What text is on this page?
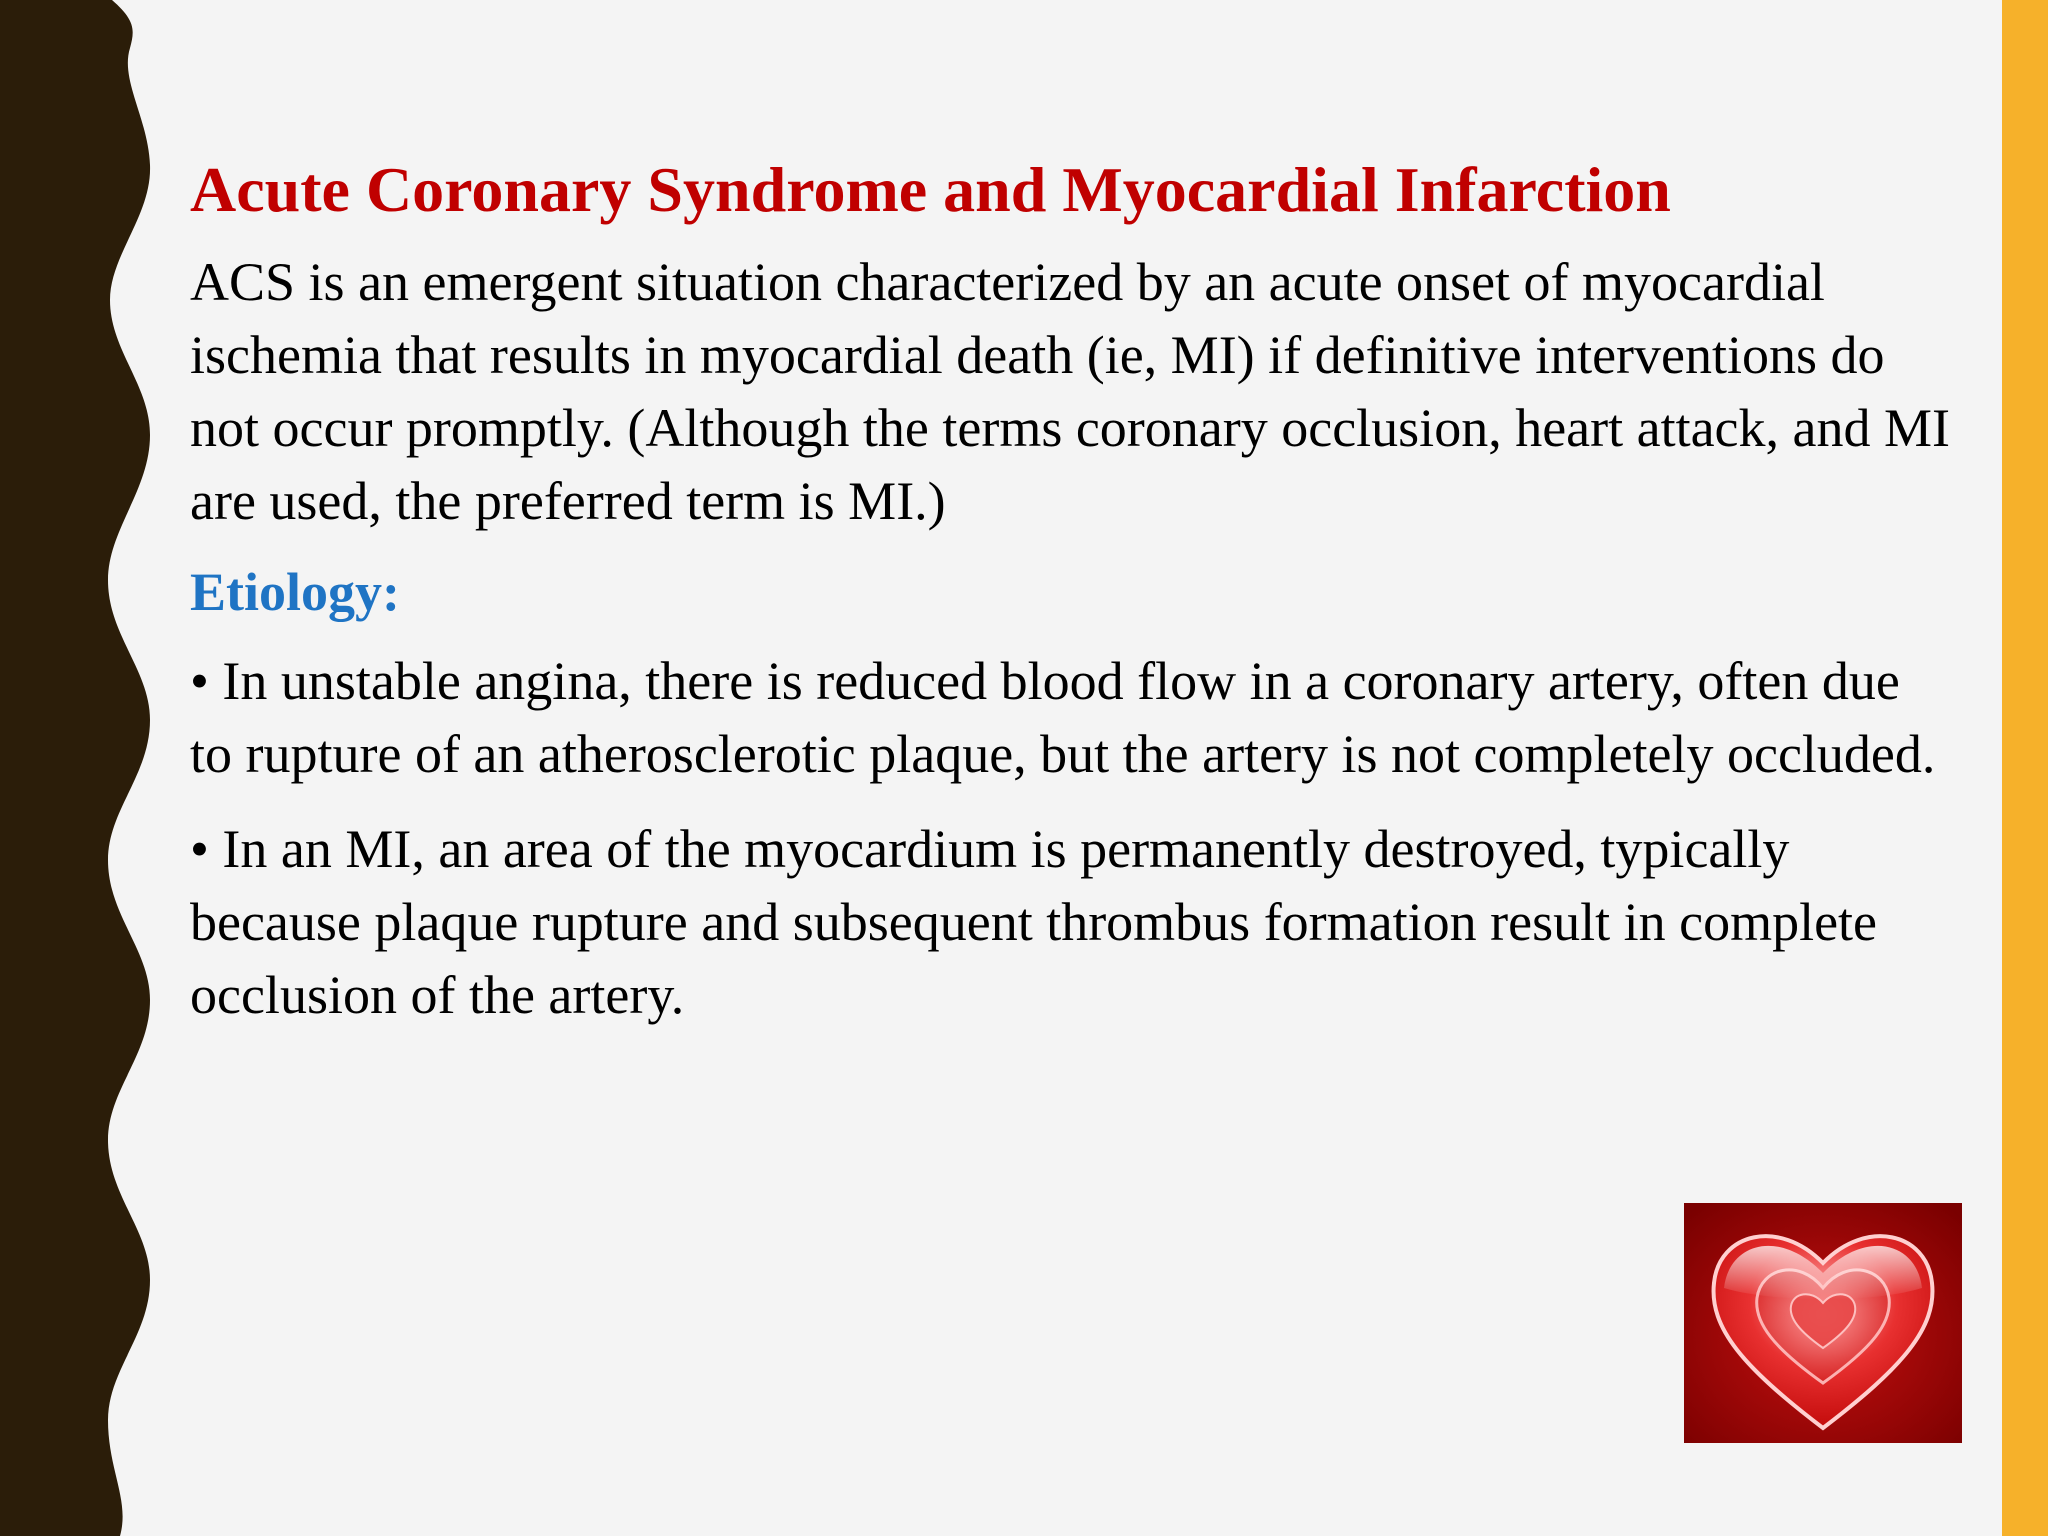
Acute Coronary Syndrome and Myocardial Infarction

ACS is an emergent situation characterized by an acute onset of myocardial ischemia that results in myocardial death (ie, MI) if definitive interventions do not occur promptly. (Although the terms coronary occlusion, heart attack, and MI are used, the preferred term is MI.)

Etiology:

• In unstable angina, there is reduced blood flow in a coronary artery, often due to rupture of an atherosclerotic plaque, but the artery is not completely occluded.

• In an MI, an area of the myocardium is permanently destroyed, typically because plaque rupture and subsequent thrombus formation result in complete occlusion of the artery.
